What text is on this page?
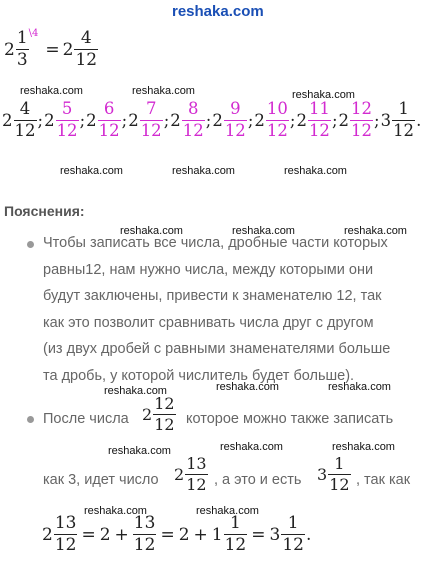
reshaka.com
reshaka.com	reshaka.com	reshaka.com
reshaka.com	reshaka.com	reshaka.com
reshaka.com	reshaka.com	reshaka.com
reshaka.com	reshaka.com	reshaka.com
reshaka.com	reshaka.com	reshaka.com
reshaka.com	reshaka.com
$2 \frac{1}{3}$ \4
= $2 \frac{4}{12}$
$2 \frac{4}{12}$ ; $2 \frac{5}{12}$ ; $2 \frac{6}{12}$ ; $2 \frac{7}{12}$ ; $2 \frac{8}{12}$ ; $2 \frac{9}{12}$ ; $2 \frac{10}{12}$ ; $2 \frac{11}{12}$ ; $2 \frac{12}{12}$ ; $3 \frac{1}{12}$ .
Пояснения:
Чтобы записать все числа, дробные части которых
равны12, нам нужно числа, между которыми они
будут заключены, привести к знаменателю 12, так
как это позволит сравнивать числа друг с другом
(из двух дробей с равными знаменателями больше
та дробь, у которой числитель будет больше).
После числа $2 \frac{12}{12}$ которое можно также записать
как 3, идет число $2 \frac{13}{12}$ , а это и есть $3 \frac{1}{12}$ , так как
$2 \frac{13}{12} = 2 + \frac{13}{12} = 2 + 1 \frac{1}{12} = 3 \frac{1}{12}$ .
